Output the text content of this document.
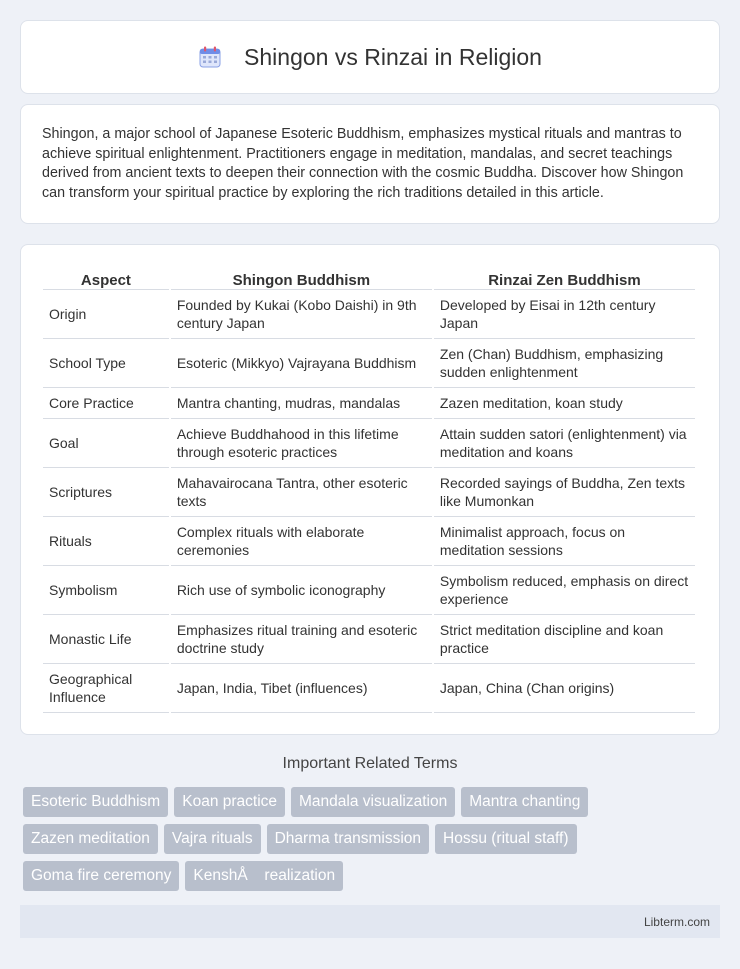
Shingon vs Rinzai in Religion

Shingon, a major school of Japanese Esoteric Buddhism, emphasizes mystical rituals and mantras to achieve spiritual enlightenment. Practitioners engage in meditation, mandalas, and secret teachings derived from ancient texts to deepen their connection with the cosmic Buddha. Discover how Shingon can transform your spiritual practice by exploring the rich traditions detailed in this article.

Aspect	Shingon Buddhism	Rinzai Zen Buddhism
Origin	Founded by Kukai (Kobo Daishi) in 9th century Japan	Developed by Eisai in 12th century Japan
School Type	Esoteric (Mikkyo) Vajrayana Buddhism	Zen (Chan) Buddhism, emphasizing sudden enlightenment
Core Practice	Mantra chanting, mudras, mandalas	Zazen meditation, koan study
Goal	Achieve Buddhahood in this lifetime through esoteric practices	Attain sudden satori (enlightenment) via meditation and koans
Scriptures	Mahavairocana Tantra, other esoteric texts	Recorded sayings of Buddha, Zen texts like Mumonkan
Rituals	Complex rituals with elaborate ceremonies	Minimalist approach, focus on meditation sessions
Symbolism	Rich use of symbolic iconography	Symbolism reduced, emphasis on direct experience
Monastic Life	Emphasizes ritual training and esoteric doctrine study	Strict meditation discipline and koan practice
Geographical Influence	Japan, India, Tibet (influences)	Japan, China (Chan origins)
Important Related Terms
Esoteric Buddhism	Koan practice	Mandala visualization	Mantra chanting
Zazen meditation	Vajra rituals	Dharma transmission	Hossu (ritual staff)
Goma fire ceremony	KenshÅ realization
Libterm.com
